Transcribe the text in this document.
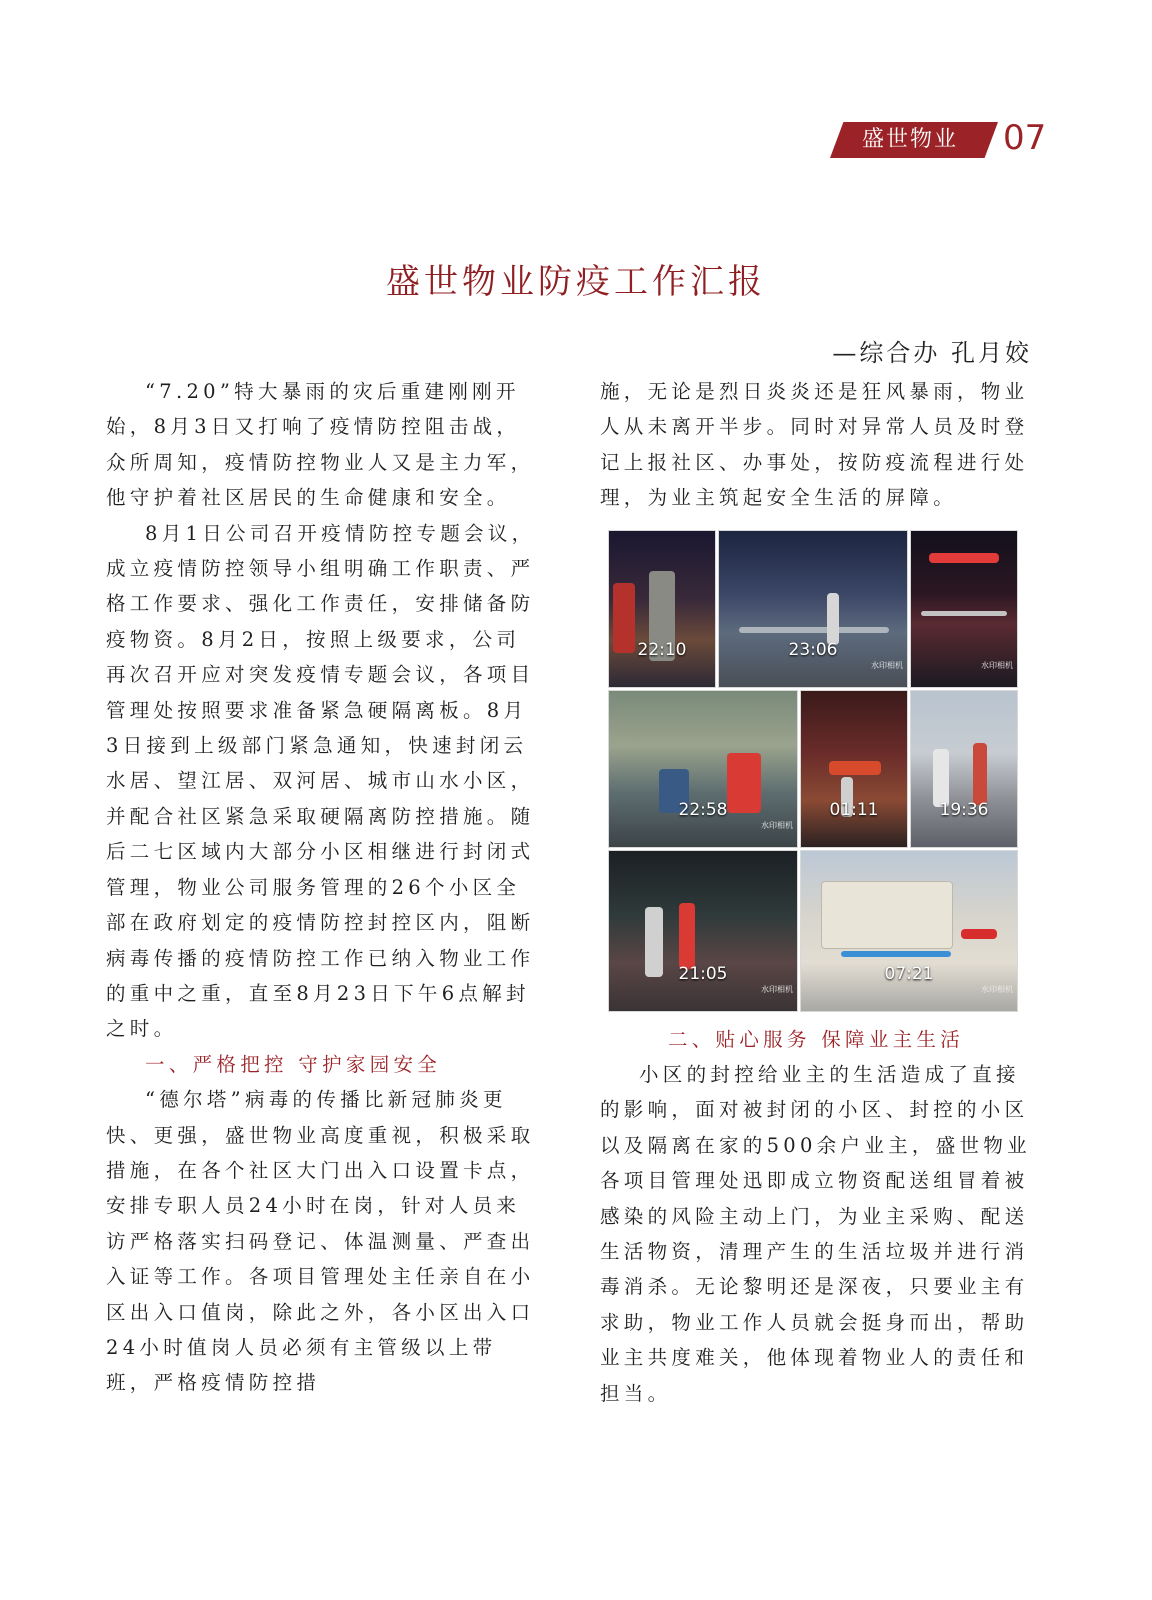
盛世物业	07
盛世物业防疫工作汇报
—综合办 孔月姣

“7.20”特大暴雨的灾后重建刚刚开始，8月3日又打响了疫情防控阻击战，众所周知，疫情防控物业人又是主力军，他守护着社区居民的生命健康和安全。

8月1日公司召开疫情防控专题会议，成立疫情防控领导小组明确工作职责、严格工作要求、强化工作责任，安排储备防疫物资。8月2日，按照上级要求，公司再次召开应对突发疫情专题会议，各项目管理处按照要求准备紧急硬隔离板。8月3日接到上级部门紧急通知，快速封闭云水居、望江居、双河居、城市山水小区，并配合社区紧急采取硬隔离防控措施。随后二七区域内大部分小区相继进行封闭式管理，物业公司服务管理的26个小区全部在政府划定的疫情防控封控区内，阻断病毒传播的疫情防控工作已纳入物业工作的重中之重，直至8月23日下午6点解封之时。

一、严格把控 守护家园安全

“德尔塔”病毒的传播比新冠肺炎更快、更强，盛世物业高度重视，积极采取措施，在各个社区大门出入口设置卡点，安排专职人员24小时在岗，针对人员来访严格落实扫码登记、体温测量、严查出入证等工作。各项目管理处主任亲自在小区出入口值岗，除此之外，各小区出入口24小时值岗人员必须有主管级以上带班，严格疫情防控措

施，无论是烈日炎炎还是狂风暴雨，物业人从未离开半步。同时对异常人员及时登记上报社区、办事处，按防疫流程进行处理，为业主筑起安全生活的屏障。

22:10	23:06
水印相机	水印相机
22:58
水印相机
01:11	19:36
21:05
水印相机
07:21
水印相机

二、贴心服务 保障业主生活

小区的封控给业主的生活造成了直接的影响，面对被封闭的小区、封控的小区以及隔离在家的500余户业主，盛世物业各项目管理处迅即成立物资配送组冒着被感染的风险主动上门，为业主采购、配送生活物资，清理产生的生活垃圾并进行消毒消杀。无论黎明还是深夜，只要业主有求助，物业工作人员就会挺身而出，帮助业主共度难关，他体现着物业人的责任和担当。
